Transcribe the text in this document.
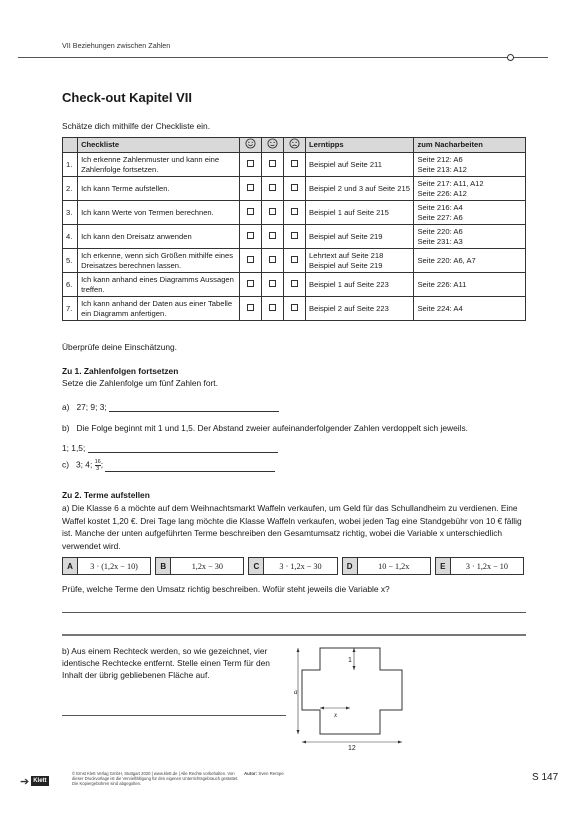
VII Beziehungen zwischen Zahlen
Check-out Kapitel VII
Schätze dich mithilfe der Checkliste ein.
	Checkliste				Lerntipps	zum Nacharbeiten
1.	Ich erkenne Zahlenmuster und kann eine Zahlenfolge fortsetzen.				Beispiel auf Seite 211	Seite 212: A6
Seite 213: A12
2.	Ich kann Terme aufstellen.				Beispiel 2 und 3 auf Seite 215	Seite 217: A11, A12
Seite 226: A12
3.	Ich kann Werte von Termen berechnen.				Beispiel 1 auf Seite 215	Seite 216: A4
Seite 227: A6
4.	Ich kann den Dreisatz anwenden				Beispiel auf Seite 219	Seite 220: A6
Seite 231: A3
5.	Ich erkenne, wenn sich Größen mithilfe eines Dreisatzes berechnen lassen.				Lehrtext auf Seite 218
Beispiel auf Seite 219	Seite 220: A6, A7
6.	Ich kann anhand eines Diagramms Aussagen treffen.				Beispiel 1 auf Seite 223	Seite 226: A11
7.	Ich kann anhand der Daten aus einer Tabelle ein Diagramm anfertigen.				Beispiel 2 auf Seite 223	Seite 224: A4
Überprüfe deine Einschätzung.
Zu 1. Zahlenfolgen fortsetzen
Setze die Zahlenfolge um fünf Zahlen fort.
a) 27; 9; 3;
b) Die Folge beginnt mit 1 und 1,5. Der Abstand zweier aufeinanderfolgender Zahlen verdoppelt sich jeweils.
1; 1,5;
c) 3; 4; $\frac{16}{3}$ ;
Zu 2. Terme aufstellen
a) Die Klasse 6 a möchte auf dem Weihnachtsmarkt Waffeln verkaufen, um Geld für das Schullandheim zu verdienen. Eine Waffel kostet 1,20 €. Drei Tage lang möchte die Klasse Waffeln verkaufen, wobei jeden Tag eine Standgebühr von 10 € fällig ist. Manche der unten aufgeführten Terme beschreiben den Gesamtumsatz richtig, wobei die Variable x unterschiedlich verwendet wird.
A	3 · (1,2x − 10)	B	1,2x − 30	C	3 · 1,2x − 30	D	10 − 1,2x	E	3 · 1,2x − 10
Prüfe, welche Terme den Umsatz richtig beschreiben. Wofür steht jeweils die Variable x?
b) Aus einem Rechteck werden, so wie gezeichnet, vier identische Rechtecke entfernt. Stelle einen Term für den Inhalt der übrig gebliebenen Fläche auf.
1
x
a
12
➔ Klett
© Ernst Klett Verlag GmbH, Stuttgart 2020 | www.klett.de | Alle Rechte vorbehalten. Von dieser Druckvorlage ist die Vervielfältigung für den eigenen Unterrichtsgebrauch gestattet. Die Kopiergebühren sind abgegolten.
Autor: Sven Rempe	S 147
